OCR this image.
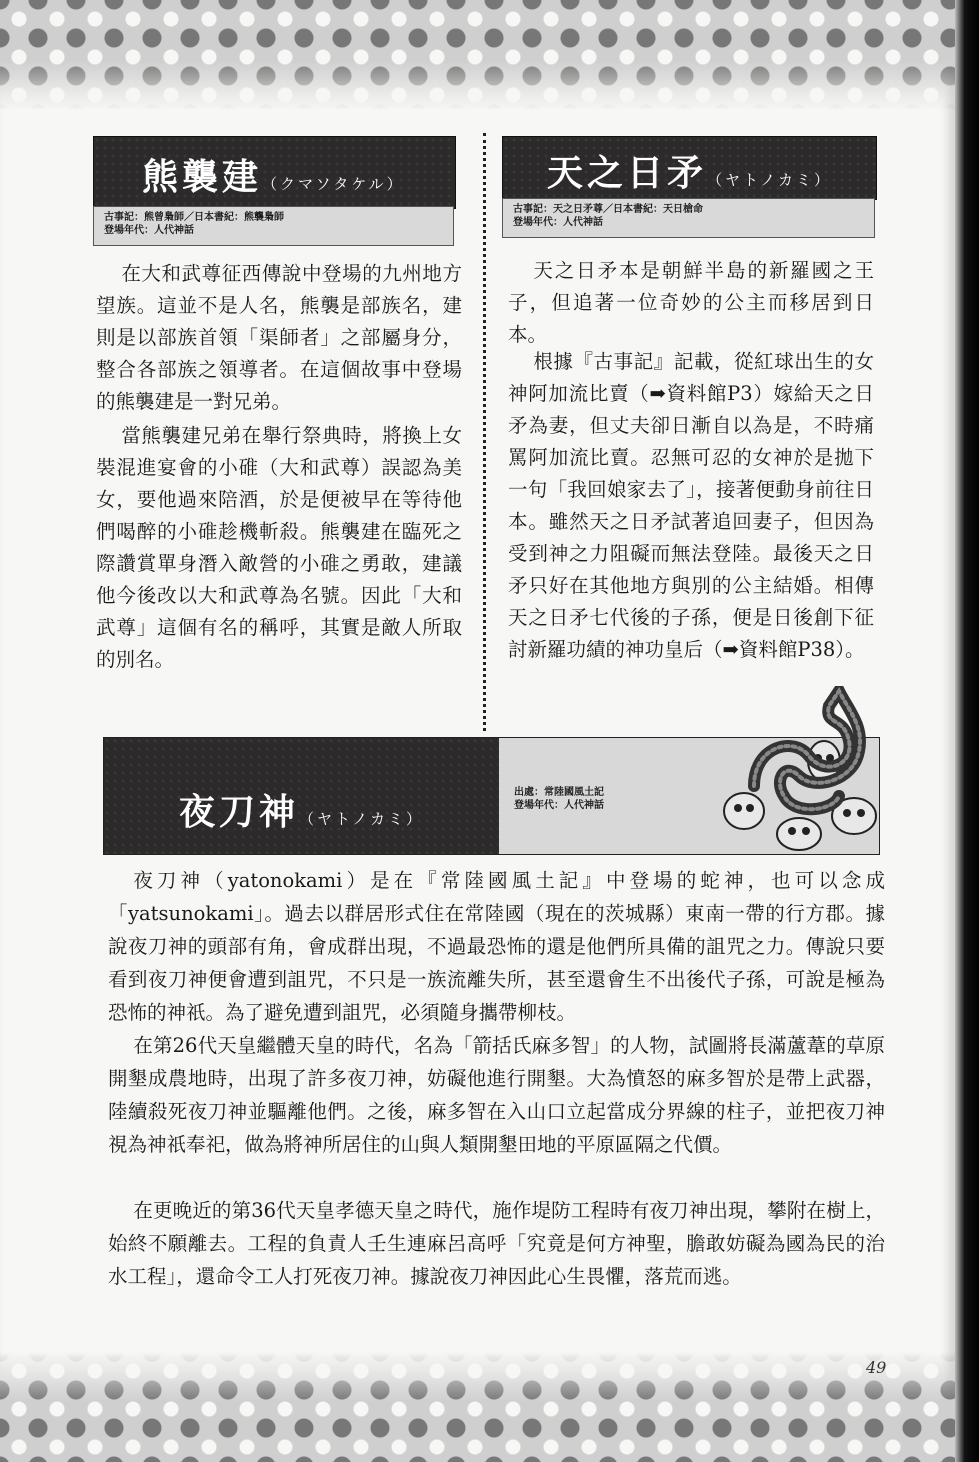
熊襲建（クマソタケル）
古事記：熊曾梟師／日本書紀：熊襲梟師
登場年代：人代神話

在大和武尊征西傳說中登場的九州地方望族。這並不是人名，熊襲是部族名，建則是以部族首領「渠師者」之部屬身分，整合各部族之領導者。在這個故事中登場的熊襲建是一對兄弟。

當熊襲建兄弟在舉行祭典時，將換上女裝混進宴會的小碓（大和武尊）誤認為美女，要他過來陪酒，於是便被早在等待他們喝醉的小碓趁機斬殺。熊襲建在臨死之際讚賞單身潛入敵營的小碓之勇敢，建議他今後改以大和武尊為名號。因此「大和武尊」這個有名的稱呼，其實是敵人所取的別名。

天之日矛（ヤトノカミ）
古事記：天之日矛尊／日本書紀：天日槍命
登場年代：人代神話

天之日矛本是朝鮮半島的新羅國之王子，但追著一位奇妙的公主而移居到日本。

根據『古事記』記載，從紅球出生的女神阿加流比賣（➡資料館P3）嫁給天之日矛為妻，但丈夫卻日漸自以為是，不時痛罵阿加流比賣。忍無可忍的女神於是拋下一句「我回娘家去了」，接著便動身前往日本。雖然天之日矛試著追回妻子，但因為受到神之力阻礙而無法登陸。最後天之日矛只好在其他地方與別的公主結婚。相傳天之日矛七代後的子孫，便是日後創下征討新羅功績的神功皇后（➡資料館P38）。

夜刀神（ヤトノカミ）
出處：常陸國風土記
登場年代：人代神話

夜刀神（yatonokami）是在『常陸國風土記』中登場的蛇神，也可以念成「yatsunokami」。過去以群居形式住在常陸國（現在的茨城縣）東南一帶的行方郡。據說夜刀神的頭部有角，會成群出現，不過最恐怖的還是他們所具備的詛咒之力。傳說只要看到夜刀神便會遭到詛咒，不只是一族流離失所，甚至還會生不出後代子孫，可說是極為恐怖的神祇。為了避免遭到詛咒，必須隨身攜帶柳枝。

在第26代天皇繼體天皇的時代，名為「箭括氏麻多智」的人物，試圖將長滿蘆葦的草原開墾成農地時，出現了許多夜刀神，妨礙他進行開墾。大為憤怒的麻多智於是帶上武器，陸續殺死夜刀神並驅離他們。之後，麻多智在入山口立起當成分界線的柱子，並把夜刀神視為神祇奉祀，做為將神所居住的山與人類開墾田地的平原區隔之代價。

在更晚近的第36代天皇孝德天皇之時代，施作堤防工程時有夜刀神出現，攀附在樹上，始終不願離去。工程的負責人壬生連麻呂高呼「究竟是何方神聖，膽敢妨礙為國為民的治水工程」，還命令工人打死夜刀神。據說夜刀神因此心生畏懼，落荒而逃。

49
